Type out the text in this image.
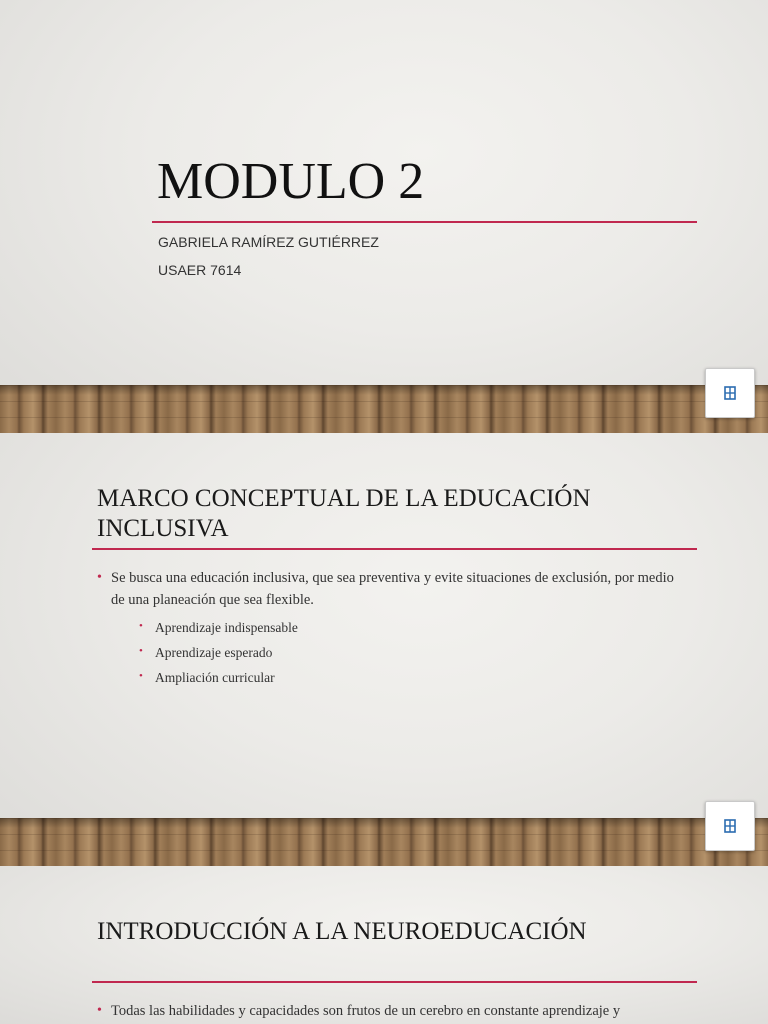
MODULO 2

GABRIELA RAMÍREZ GUTIÉRREZ

USAER 7614

MARCO CONCEPTUAL DE LA EDUCACIÓN
INCLUSIVA
• Se busca una educación inclusiva, que sea preventiva y evite situaciones de exclusión, por medio de una planeación que sea flexible.
• Aprendizaje indispensable
• Aprendizaje esperado
• Ampliación curricular
INTRODUCCIÓN A LA NEUROEDUCACIÓN
• Todas las habilidades y capacidades son frutos de un cerebro en constante aprendizaje y
